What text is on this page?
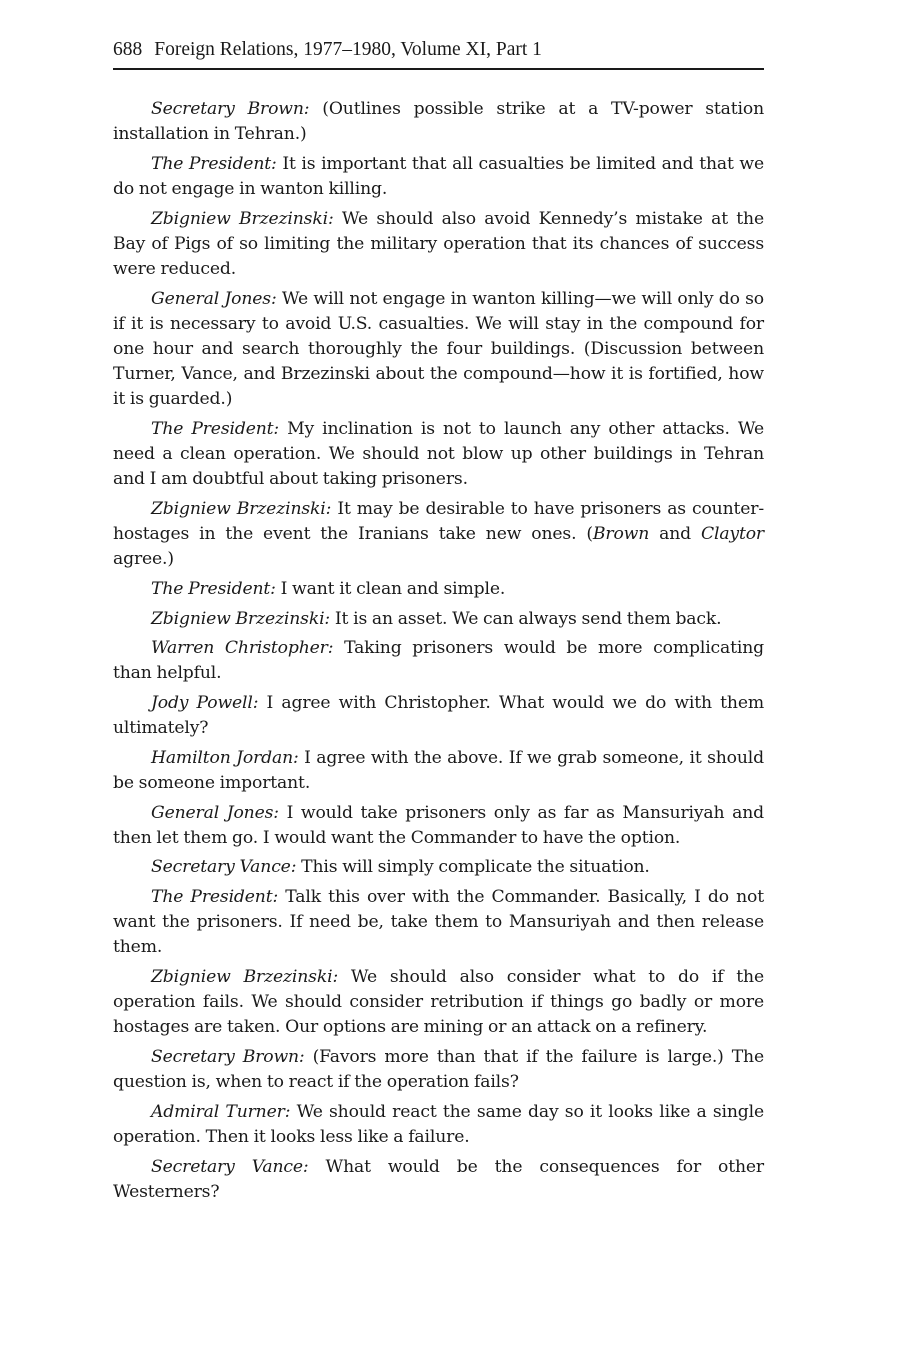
688 Foreign Relations, 1977–1980, Volume XI, Part 1

Secretary Brown: (Outlines possible strike at a TV-power station installation in Tehran.)

The President: It is important that all casualties be limited and that we do not engage in wanton killing.

Zbigniew Brzezinski: We should also avoid Kennedy’s mistake at the Bay of Pigs of so limiting the military operation that its chances of success were reduced.

General Jones: We will not engage in wanton killing—we will only do so if it is necessary to avoid U.S. casualties. We will stay in the compound for one hour and search thoroughly the four buildings. (Discussion between Turner, Vance, and Brzezinski about the compound—how it is fortified, how it is guarded.)

The President: My inclination is not to launch any other attacks. We need a clean operation. We should not blow up other buildings in Tehran and I am doubtful about taking prisoners.

Zbigniew Brzezinski: It may be desirable to have prisoners as counter-hostages in the event the Iranians take new ones. (Brown and Claytor agree.)

The President: I want it clean and simple.

Zbigniew Brzezinski: It is an asset. We can always send them back.

Warren Christopher: Taking prisoners would be more complicating than helpful.

Jody Powell: I agree with Christopher. What would we do with them ultimately?

Hamilton Jordan: I agree with the above. If we grab someone, it should be someone important.

General Jones: I would take prisoners only as far as Mansuriyah and then let them go. I would want the Commander to have the option.

Secretary Vance: This will simply complicate the situation.

The President: Talk this over with the Commander. Basically, I do not want the prisoners. If need be, take them to Mansuriyah and then release them.

Zbigniew Brzezinski: We should also consider what to do if the operation fails. We should consider retribution if things go badly or more hostages are taken. Our options are mining or an attack on a refinery.

Secretary Brown: (Favors more than that if the failure is large.) The question is, when to react if the operation fails?

Admiral Turner: We should react the same day so it looks like a single operation. Then it looks less like a failure.

Secretary Vance: What would be the consequences for other Westerners?
